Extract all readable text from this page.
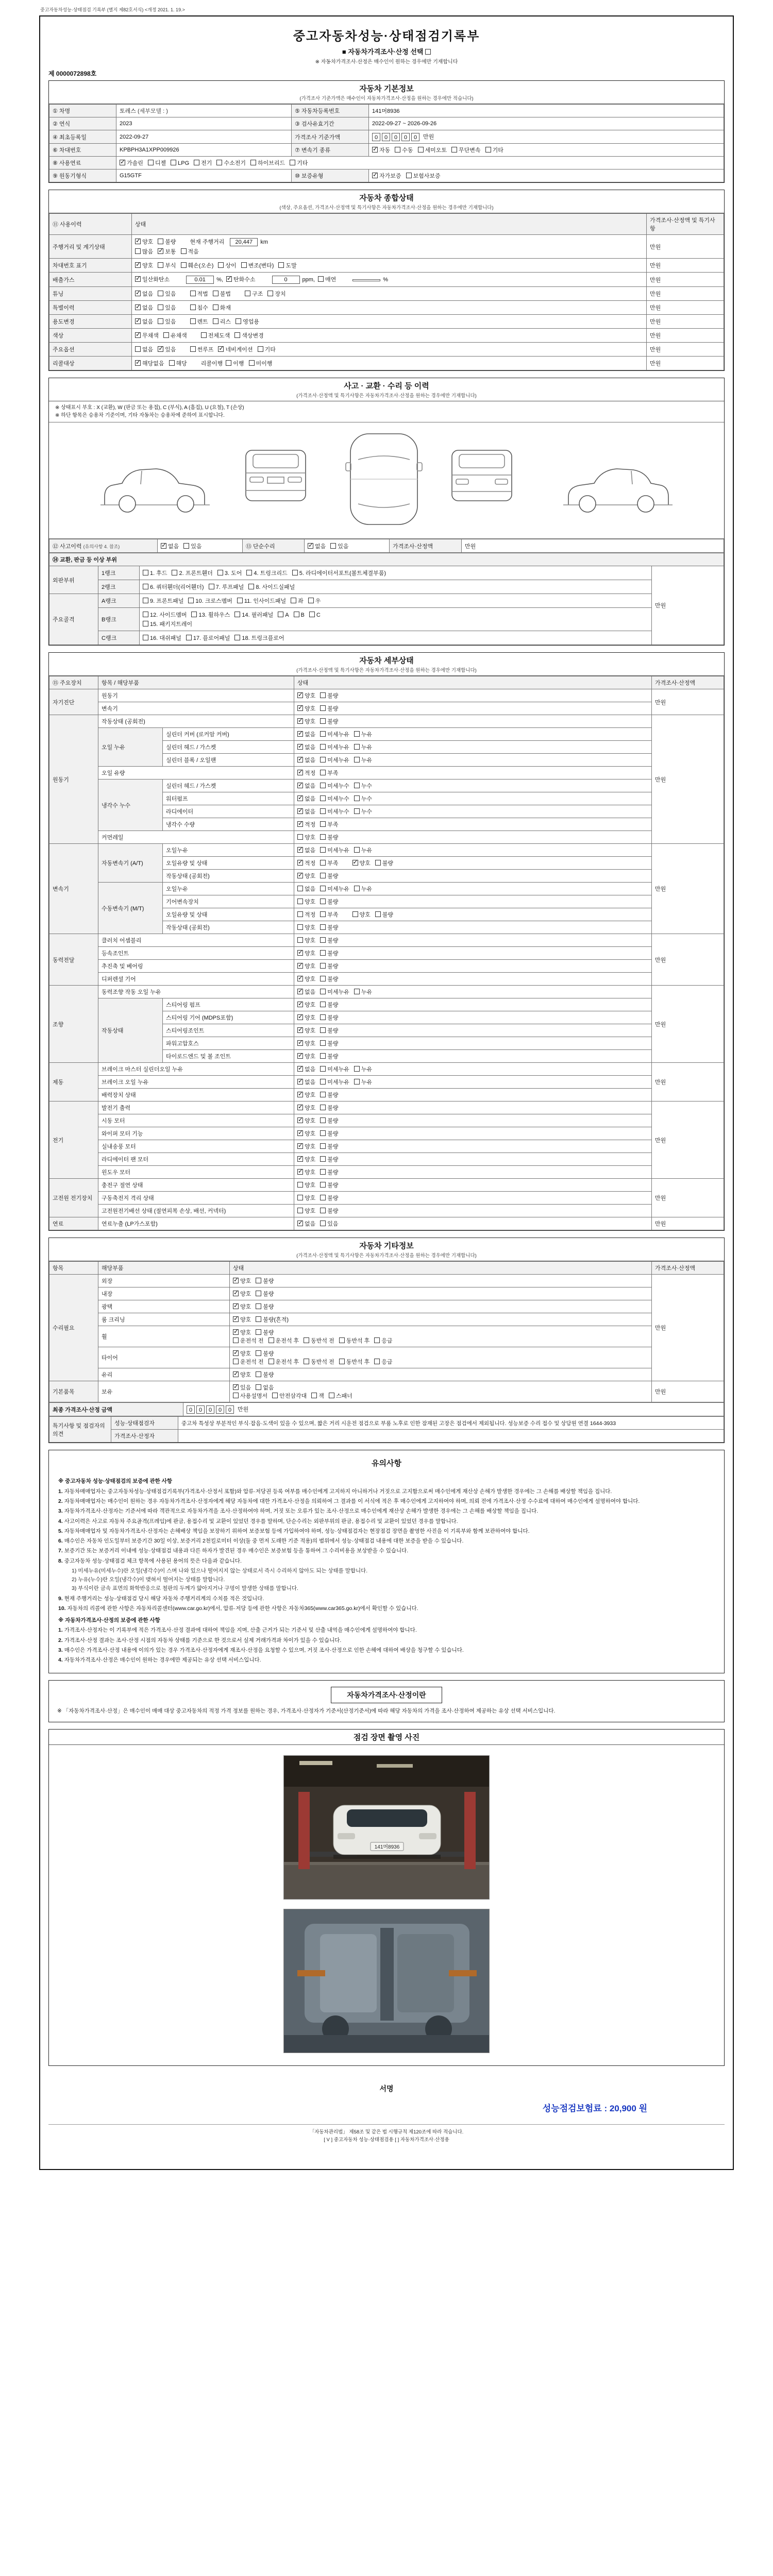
중고자동차성능·상태점검 기록부 (별지 제82호서식) <개정 2021. 1. 19.>
중고자동차성능·상태점검기록부
■ 자동차가격조사·산정 선택
※ 자동차가격조사·산정은 매수인이 원하는 경우에만 기재합니다
제 0000072898호
자동차 기본정보
(가격조사 기준가액은 매수인이 자동차가격조사·산정을 원하는 경우에만 적습니다)
① 차명	토레스 (세부모델 : )	⑤ 자동차등록번호	141머8936
② 연식	2023	③ 검사유효기간	2022-09-27 ~ 2026-09-26
④ 최초등록일	2022-09-27	가격조사 기준가액	0 0 0 0 0 만원
⑥ 차대번호	KPBPH3A1XPP009926	⑦ 변속기 종류	✓자동 수동 세미오토 무단변속 기타
⑧ 사용연료	✓가솔린 디젤 LPG 전기 수소전기 하이브리드 기타
⑨ 원동기형식	G15GTF	⑩ 보증유형	✓자가보증 보험사보증
자동차 종합상태
(색상, 주요옵션, 가격조사·산정액 및 특기사항은 자동차가격조사·산정을 원하는 경우에만 기재합니다)
⑪ 사용이력	상태	가격조사·산정액 및 특기사항
주행거리 및 계기상태	
✓양호 불량 현재 주행거리 20,447 km
많음 ✓ 보통 적음	만원
차대번호 표기	
✓양호 부식 훼손(오손) 상이 변조(변타) 도말	만원
배출가스	
✓일산화탄소 0.01 %, ✓ 탄화수소 0 ppm, 매연 %	만원
튜닝	
✓없음 있음 적법 불법 구조 장치	만원
특별이력	
✓없음 있음 침수 화재	만원
용도변경	
✓없음 있음 렌트 리스 영업용	만원
색상	
✓무채색 유채색 전체도색 색상변경	만원
주요옵션	없음 ✓ 있음 썬루프 ✓ 네비게이션 기타	만원
리콜대상	
✓해당없음 해당 리콜이행 이행 미이행	만원
사고 · 교환 · 수리 등 이력
(가격조사·산정액 및 특기사항은 자동차가격조사·산정을 원하는 경우에만 기재합니다)
※ 상태표시 부호 : X (교환), W (판금 또는 용접), C (부식), A (흠집), U (요철), T (손상)
※ 하단 항목은 승용차 기준이며, 기타 자동차는 승용차에 준하여 표시합니다.
⑫ 사고이력 (유의사항 4. 참조)	✓없음 있음	⑬ 단순수리	✓없음 있음	가격조사·산정액	만원
⑭ 교환, 판금 등 이상 부위			
외판부위	1랭크	1. 후드 2. 프론트휀더 3. 도어 4. 트렁크리드 5. 라디에이터서포트(볼트체결부품)	만원
	2랭크	6. 쿼터휀더(리어휀더) 7. 루프패널 8. 사이드실패널	

주요골격	A랭크	9. 프론트패널 10. 크로스멤버 11. 인사이드패널 좌 우	

	B랭크	12. 사이드멤버 13. 휠하우스 14. 필러패널 A B C
15. 패키지트레이	

	C랭크	16. 대쉬패널 17. 플로어패널 18. 트렁크플로어	
자동차 세부상태
(가격조사·산정액 및 특기사항은 자동차가격조사·산정을 원하는 경우에만 기재합니다)
⑮ 주요장치	항목 / 해당부품		상태	가격조사·산정액
자기진단	원동기	✓양호 불량	만원
	변속기	✓양호 불량
원동기	작동상태 (공회전)	✓양호 불량	만원
	오일 누유	실린더 커버 (로커암 커버)	✓없음 미세누유 누유
		실린더 헤드 / 가스켓	✓없음 미세누유 누유
		실린더 블록 / 오일팬	✓없음 미세누유 누유
	오일 유량	✓적정 부족
	냉각수 누수	실린더 헤드 / 가스켓	✓없음 미세누수 누수
		워터펌프	✓없음 미세누수 누수
		라디에이터	✓없음 미세누수 누수
		냉각수 수량	✓적정 부족
	커먼레일		양호 불량	
변속기	자동변속기 (A/T)	오일누유	✓없음 미세누유 누유	만원
		오일유량 및 상태	✓적정 부족 ✓ 양호 불량
		작동상태 (공회전)	✓양호 불량
	수동변속기 (M/T)	오일누유	없음 미세누유 누유	
		기어변속장치	양호 불량	
		오일유량 및 상태	적정 부족 양호 불량	
		작동상태 (공회전)	양호 불량	
동력전달	클러치 어셈블리		양호 불량	만원
	등속조인트	✓양호 불량
	추진축 및 베어링	✓양호 불량
	디퍼렌셜 기어	✓양호 불량
조향	동력조향 작동 오일 누유	✓없음 미세누유 누유	만원
	작동상태	스티어링 펌프	✓양호 불량
		스티어링 기어 (MDPS포함)	✓양호 불량
		스티어링조인트	✓양호 불량
		파워고압호스	✓양호 불량
		타이로드엔드 및 볼 조인트	✓양호 불량
제동	브레이크 마스터 실린더오일 누유	✓없음 미세누유 누유	만원
	브레이크 오일 누유	✓없음 미세누유 누유
	배력장치 상태	✓양호 불량
전기	발전기 출력	✓양호 불량	만원
	시동 모터	✓양호 불량
	와이퍼 모터 기능	✓양호 불량
	실내송풍 모터	✓양호 불량
	라디에이터 팬 모터	✓양호 불량
	윈도우 모터	✓양호 불량
고전원 전기장치	충전구 절연 상태		양호 불량	만원
	구동축전지 격리 상태		양호 불량	
	고전원전기배선 상태 (절연피복 손상, 배선, 커넥터)		양호 불량	
연료	연료누출 (LP가스포함)	✓없음 있음	만원
자동차 기타정보
(가격조사·산정액 및 특기사항은 자동차가격조사·산정을 원하는 경우에만 기재합니다)
항목	해당부품	상태	가격조사·산정액
수리필요	외장	✓양호 불량	만원
	내장	✓양호 불량
	광택	✓양호 불량
	룸 크리닝	✓양호 불량(흔적)
	휠	✓양호 불량
운전석 전 운전석 후 동반석 전 동반석 후 응급
	타이어	✓양호 불량
운전석 전 운전석 후 동반석 전 동반석 후 응급
	유리	✓양호 불량
기본품목	보유	✓있음 없음
사용설명서 안전삼각대 잭 스패너	만원
최종 가격조사·산정 금액	0 0 0 0 0 만원
특기사항 및 점검자의 의견	성능·상태점검자	중고차 특성상 부분적인 부식·잡음·도색이 있을 수 있으며, 짧은 거리 시운전 점검으로 부품 노후로 인한 잠재된 고장은 점검에서 제외됩니다. 성능보증 수리 접수 및 상담원 연결 1644-3933
	가격조사·산정자	
유의사항
※ 중고자동차 성능·상태점검의 보증에 관한 사항
1. 자동차매매업자는 중고자동차성능·상태점검기록부(가격조사·산정서 포함)와 압류·저당권 등록 여부를 매수인에게 고지하지 아니하거나 거짓으로 고지함으로써 매수인에게 재산상 손해가 발생한 경우에는 그 손해를 배상할 책임을 집니다.
2. 자동차매매업자는 매수인이 원하는 경우 자동차가격조사·산정자에게 해당 자동차에 대한 가격조사·산정을 의뢰하여 그 결과를 이 서식에 적은 후 매수인에게 고지하여야 하며, 의뢰 전에 가격조사·산정 수수료에 대하여 매수인에게 설명하여야 합니다.
3. 자동차가격조사·산정자는 기준서에 따라 객관적으로 자동차가격을 조사·산정하여야 하며, 거짓 또는 오류가 있는 조사·산정으로 매수인에게 재산상 손해가 발생한 경우에는 그 손해를 배상할 책임을 집니다.
4. 사고이력은 사고로 자동차 주요골격(프레임)에 판금, 용접수리 및 교환이 있었던 경우를 말하며, 단순수리는 외판부위의 판금, 용접수리 및 교환이 있었던 경우를 말합니다.
5. 자동차매매업자 및 자동차가격조사·산정자는 손해배상 책임을 보장하기 위하여 보증보험 등에 가입하여야 하며, 성능·상태점검자는 현장점검 장면을 촬영한 사진을 이 기록부와 함께 보관하여야 합니다.
6. 매수인은 자동차 인도일부터 보증기간 30일 이상, 보증거리 2천킬로미터 이상(둘 중 먼저 도래한 기준 적용)의 범위에서 성능·상태점검 내용에 대한 보증을 받을 수 있습니다.
7. 보증기간 또는 보증거리 이내에 성능·상태점검 내용과 다른 하자가 발견된 경우 매수인은 보증보험 등을 통하여 그 수리비용을 보상받을 수 있습니다.
8. 중고자동차 성능·상태점검 체크 항목에 사용된 용어의 뜻은 다음과 같습니다.
1) 미세누유(미세누수)란 오일(냉각수)이 스며 나와 있으나 떨어지지 않는 상태로서 즉시 수리하지 않아도 되는 상태를 말합니다.
2) 누유(누수)란 오일(냉각수)이 맺혀서 떨어지는 상태를 말합니다.
3) 부식이란 금속 표면의 화학반응으로 철판의 두께가 얇아지거나 구멍이 발생한 상태를 말합니다.
9. 현재 주행거리는 성능·상태점검 당시 해당 자동차 주행거리계의 수치를 적은 것입니다.
10. 자동차의 리콜에 관한 사항은 자동차리콜센터(www.car.go.kr)에서, 압류·저당 등에 관한 사항은 자동차365(www.car365.go.kr)에서 확인할 수 있습니다.
※ 자동차가격조사·산정의 보증에 관한 사항
1. 가격조사·산정자는 이 기록부에 적은 가격조사·산정 결과에 대하여 책임을 지며, 산출 근거가 되는 기준서 및 산출 내역을 매수인에게 설명하여야 합니다.
2. 가격조사·산정 결과는 조사·산정 시점의 자동차 상태를 기준으로 한 것으로서 실제 거래가격과 차이가 있을 수 있습니다.
3. 매수인은 가격조사·산정 내용에 이의가 있는 경우 가격조사·산정자에게 재조사·산정을 요청할 수 있으며, 거짓 조사·산정으로 인한 손해에 대하여 배상을 청구할 수 있습니다.
4. 자동차가격조사·산정은 매수인이 원하는 경우에만 제공되는 유상 선택 서비스입니다.
자동차가격조사·산정이란
※ 「자동차가격조사·산정」은 매수인이 매매 대상 중고자동차의 적정 가격 정보를 원하는 경우, 가격조사·산정자가 기준서(산정기준서)에 따라 해당 자동차의 가격을 조사·산정하여 제공하는 유상 선택 서비스입니다.
점검 장면 촬영 사진
141머8936
서명
성능점검보험료 : 20,900 원
「자동차관리법」 제58조 및 같은 법 시행규칙 제120조에 따라 적습니다.
[ V ] 중고자동차 성능·상태점검용 [ ] 자동차가격조사·산정용
